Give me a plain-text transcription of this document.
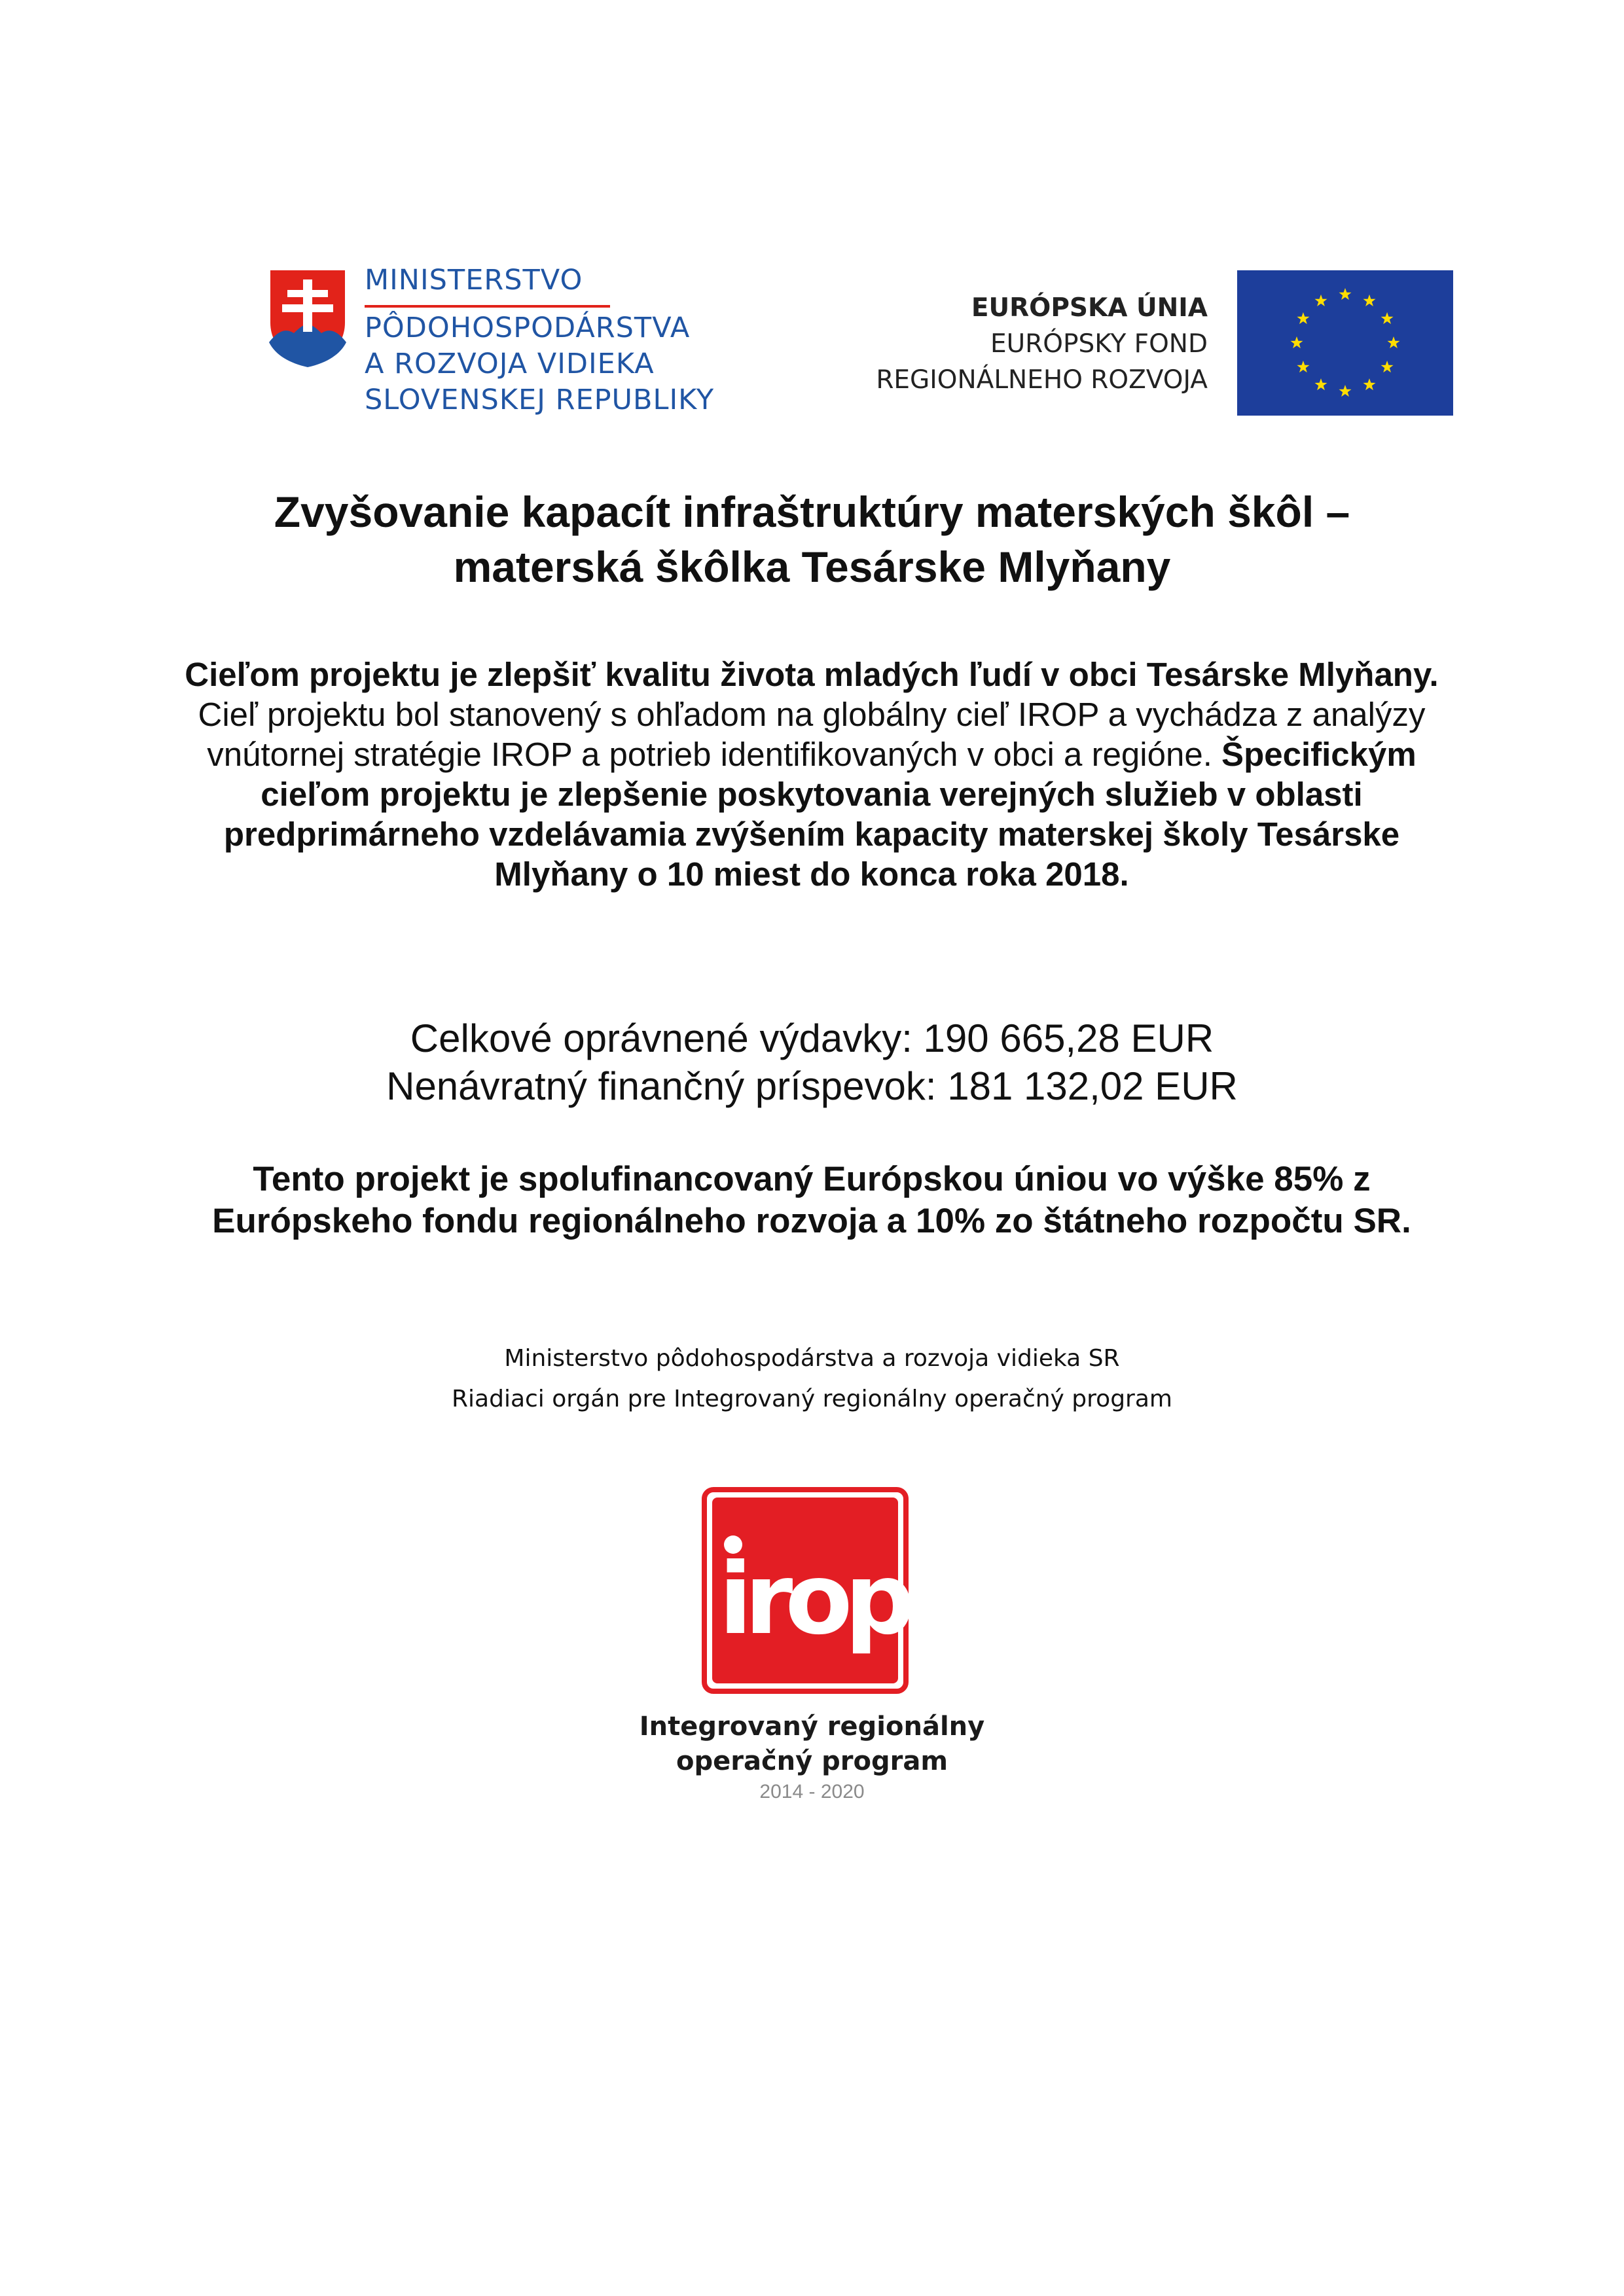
MINISTERSTVO
PÔDOHOSPODÁRSTVA
A ROZVOJA VIDIEKA
SLOVENSKEJ REPUBLIKY
EURÓPSKA ÚNIA
EURÓPSKY FOND
REGIONÁLNEHO ROZVOJA
Zvyšovanie kapacít infraštruktúry materských škôl –
materská škôlka Tesárske Mlyňany
Cieľom projektu je zlepšiť kvalitu života mladých ľudí v obci Tesárske Mlyňany. Cieľ projektu bol stanovený s ohľadom na globálny cieľ IROP a vychádza z analýzy vnútornej stratégie IROP a potrieb identifikovaných v obci a regióne. Špecifickým cieľom projektu je zlepšenie poskytovania verejných služieb v oblasti predprimárneho vzdelávamia zvýšením kapacity materskej školy Tesárske Mlyňany o 10 miest do konca roka 2018.
Celkové oprávnené výdavky: 190 665,28 EUR
Nenávratný finančný príspevok: 181 132,02 EUR
Tento projekt je spolufinancovaný Európskou úniou vo výške 85% z Európskeho fondu regionálneho rozvoja a 10% zo štátneho rozpočtu SR.
Ministerstvo pôdohospodárstva a rozvoja vidieka SR
Riadiaci orgán pre Integrovaný regionálny operačný program
irop
Integrovaný regionálny
operačný program
2014 - 2020
